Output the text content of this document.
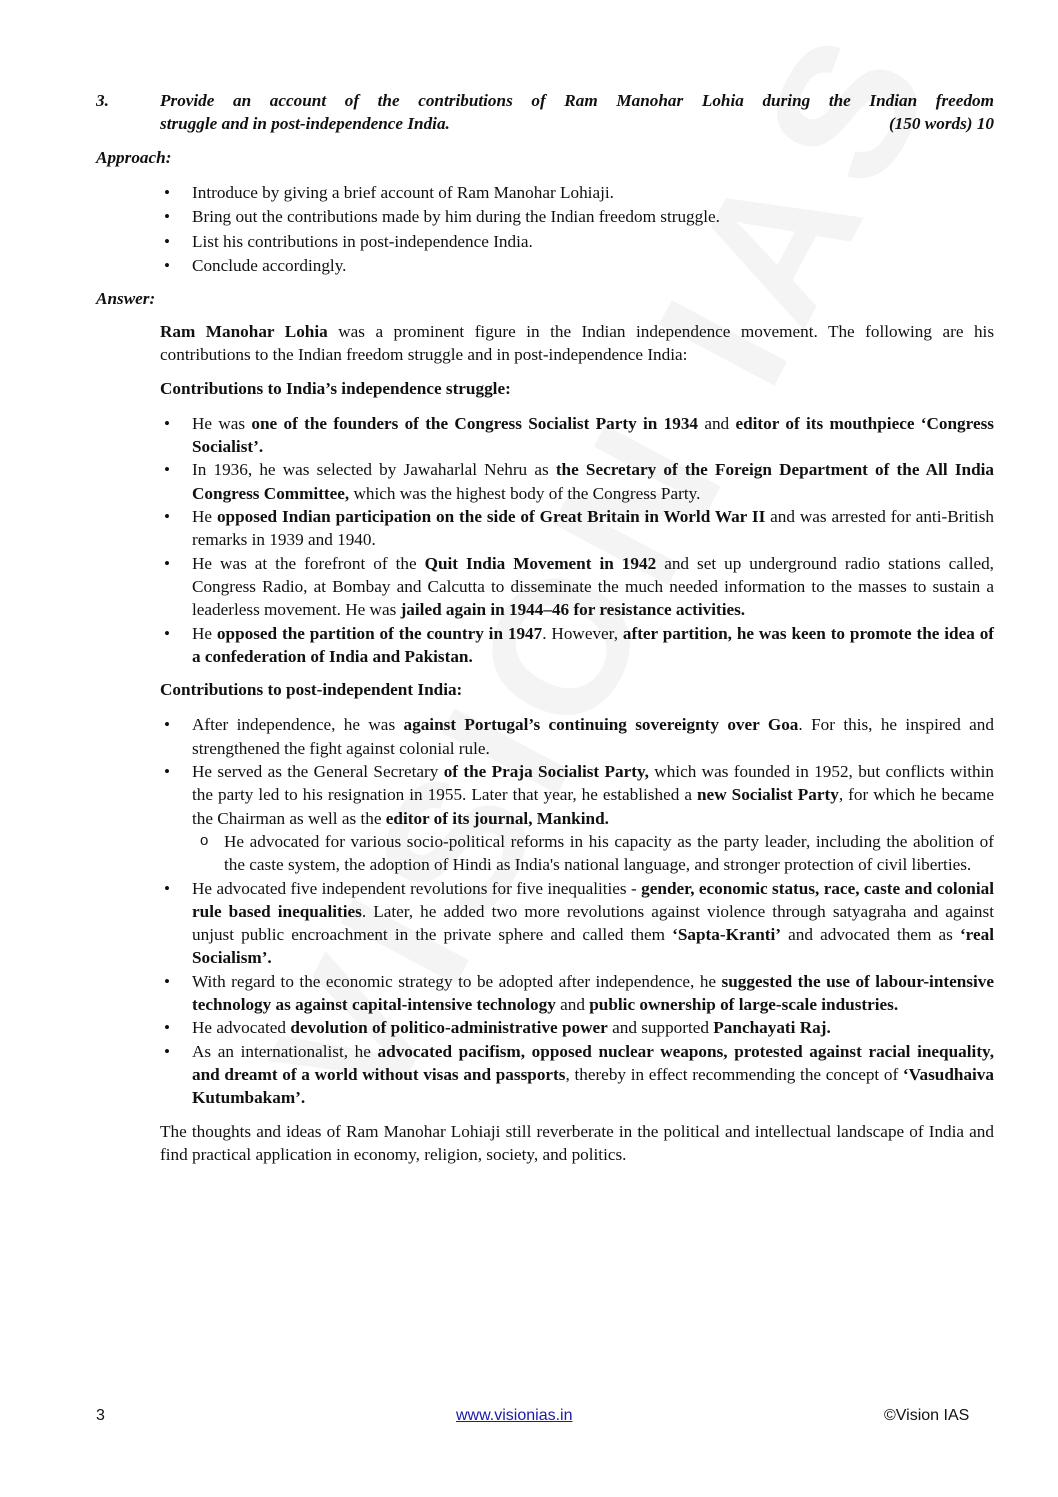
3.	Provide an account of the contributions of Ram Manohar Lohia during the Indian freedom
struggle and in post-independence India.	(150 words) 10
Approach:
• Introduce by giving a brief account of Ram Manohar Lohiaji.
• Bring out the contributions made by him during the Indian freedom struggle.
• List his contributions in post-independence India.
• Conclude accordingly.
Answer:
Ram Manohar Lohia was a prominent figure in the Indian independence movement. The following are his contributions to the Indian freedom struggle and in post-independence India:
Contributions to India’s independence struggle:
• He was one of the founders of the Congress Socialist Party in 1934 and editor of its mouthpiece ‘Congress Socialist’.
• In 1936, he was selected by Jawaharlal Nehru as the Secretary of the Foreign Department of the All India Congress Committee, which was the highest body of the Congress Party.
• He opposed Indian participation on the side of Great Britain in World War II and was arrested for anti-British remarks in 1939 and 1940.
• He was at the forefront of the Quit India Movement in 1942 and set up underground radio stations called, Congress Radio, at Bombay and Calcutta to disseminate the much needed information to the masses to sustain a leaderless movement. He was jailed again in 1944–46 for resistance activities.
• He opposed the partition of the country in 1947. However, after partition, he was keen to promote the idea of a confederation of India and Pakistan.
Contributions to post-independent India:
• After independence, he was against Portugal’s continuing sovereignty over Goa. For this, he inspired and strengthened the fight against colonial rule.
• He served as the General Secretary of the Praja Socialist Party, which was founded in 1952, but conflicts within the party led to his resignation in 1955. Later that year, he established a new Socialist Party, for which he became the Chairman as well as the editor of its journal, Mankind.
o He advocated for various socio-political reforms in his capacity as the party leader, including the abolition of the caste system, the adoption of Hindi as India's national language, and stronger protection of civil liberties.
• He advocated five independent revolutions for five inequalities - gender, economic status, race, caste and colonial rule based inequalities. Later, he added two more revolutions against violence through satyagraha and against unjust public encroachment in the private sphere and called them ‘Sapta-Kranti’ and advocated them as ‘real Socialism’.
• With regard to the economic strategy to be adopted after independence, he suggested the use of labour-intensive technology as against capital-intensive technology and public ownership of large-scale industries.
• He advocated devolution of politico-administrative power and supported Panchayati Raj.
• As an internationalist, he advocated pacifism, opposed nuclear weapons, protested against racial inequality, and dreamt of a world without visas and passports, thereby in effect recommending the concept of ‘Vasudhaiva Kutumbakam’.
The thoughts and ideas of Ram Manohar Lohiaji still reverberate in the political and intellectual landscape of India and find practical application in economy, religion, society, and politics.
3	www.visionias.in	©Vision IAS
